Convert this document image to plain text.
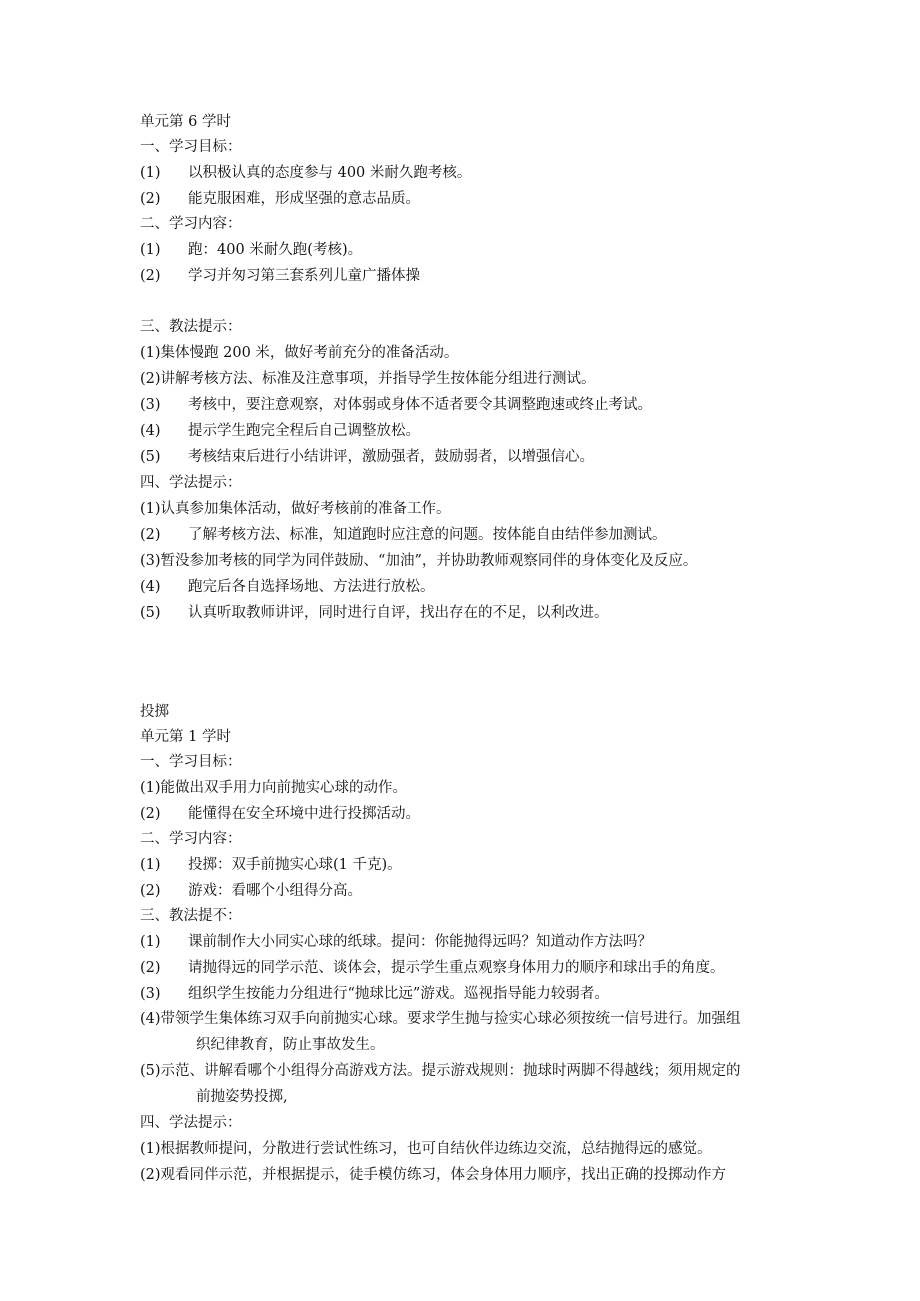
单元第 6 学时
一、学习目标：
(1) 以积极认真的态度参与 400 米耐久跑考核。
(2) 能克服困难，形成坚强的意志品质。
二、学习内容：
(1) 跑：400 米耐久跑(考核)。
(2) 学习并匆习第三套系列儿童广播体操
三、教法提示：
(1)集体慢跑 200 米，做好考前充分的准备活动。
(2)讲解考核方法、标准及注意事项，并指导学生按体能分组进行测试。
(3) 考核中，要注意观察，对体弱或身体不适者要令其调整跑速或终止考试。
(4) 提示学生跑完全程后自己调整放松。
(5) 考核结束后进行小结讲评，激励强者，鼓励弱者，以增强信心。
四、学法提示：
(1)认真参加集体活动，做好考核前的准备工作。
(2) 了解考核方法、标准，知道跑时应注意的问题。按体能自由结伴参加测试。
(3)暂没参加考核的同学为同伴鼓励、“加油”，并协助教师观察同伴的身体变化及反应。
(4) 跑完后各自选择场地、方法进行放松。
(5) 认真听取教师讲评，同时进行自评，找出存在的不足，以利改进。
投掷
单元第 1 学时
一、学习目标：
(1)能做出双手用力向前抛实心球的动作。
(2) 能懂得在安全环境中进行投掷活动。
二、学习内容：
(1) 投掷：双手前抛实心球(1 千克)。
(2) 游戏：看哪个小组得分高。
三、教法提不：
(1) 课前制作大小同实心球的纸球。提问：你能抛得远吗？知道动作方法吗？
(2) 请抛得远的同学示范、谈体会，提示学生重点观察身体用力的顺序和球出手的角度。
(3) 组织学生按能力分组进行“抛球比远”游戏。巡视指导能力较弱者。
(4)带领学生集体练习双手向前抛实心球。要求学生抛与捡实心球必须按统一信号进行。加强组
织纪律教育，防止事故发生。
(5)示范、讲解看哪个小组得分高游戏方法。提示游戏规则：抛球时两脚不得越线；须用规定的
前抛姿势投掷,
四、学法提示：
(1)根据教师提问，分散进行尝试性练习，也可自结伙伴边练边交流，总结抛得远的感觉。
(2)观看同伴示范，并根据提示，徒手模仿练习，体会身体用力顺序，找出正确的投掷动作方
